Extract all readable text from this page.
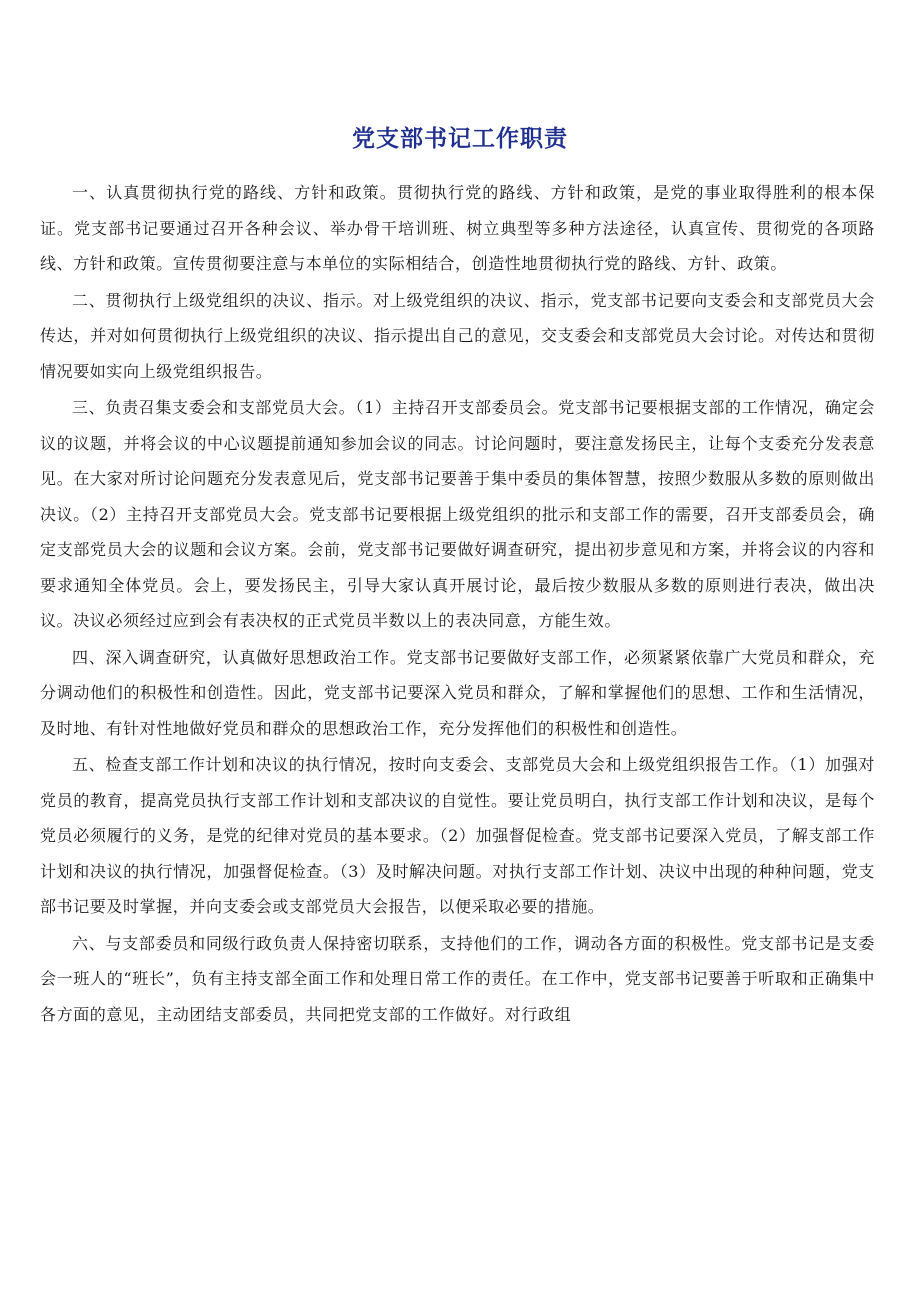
党支部书记工作职责

一、认真贯彻执行党的路线、方针和政策。贯彻执行党的路线、方针和政策，是党的事业取得胜利的根本保证。党支部书记要通过召开各种会议、举办骨干培训班、树立典型等多种方法途径，认真宣传、贯彻党的各项路线、方针和政策。宣传贯彻要注意与本单位的实际相结合，创造性地贯彻执行党的路线、方针、政策。

二、贯彻执行上级党组织的决议、指示。对上级党组织的决议、指示，党支部书记要向支委会和支部党员大会传达，并对如何贯彻执行上级党组织的决议、指示提出自己的意见，交支委会和支部党员大会讨论。对传达和贯彻情况要如实向上级党组织报告。

三、负责召集支委会和支部党员大会。（1）主持召开支部委员会。党支部书记要根据支部的工作情况，确定会议的议题，并将会议的中心议题提前通知参加会议的同志。讨论问题时，要注意发扬民主，让每个支委充分发表意见。在大家对所讨论问题充分发表意见后，党支部书记要善于集中委员的集体智慧，按照少数服从多数的原则做出决议。（2）主持召开支部党员大会。党支部书记要根据上级党组织的批示和支部工作的需要，召开支部委员会，确定支部党员大会的议题和会议方案。会前，党支部书记要做好调查研究，提出初步意见和方案，并将会议的内容和要求通知全体党员。会上，要发扬民主，引导大家认真开展讨论，最后按少数服从多数的原则进行表决，做出决议。决议必须经过应到会有表决权的正式党员半数以上的表决同意，方能生效。

四、深入调查研究，认真做好思想政治工作。党支部书记要做好支部工作，必须紧紧依靠广大党员和群众，充分调动他们的积极性和创造性。因此，党支部书记要深入党员和群众，了解和掌握他们的思想、工作和生活情况，及时地、有针对性地做好党员和群众的思想政治工作，充分发挥他们的积极性和创造性。

五、检查支部工作计划和决议的执行情况，按时向支委会、支部党员大会和上级党组织报告工作。（1）加强对党员的教育，提高党员执行支部工作计划和支部决议的自觉性。要让党员明白，执行支部工作计划和决议，是每个党员必须履行的义务，是党的纪律对党员的基本要求。（2）加强督促检查。党支部书记要深入党员，了解支部工作计划和决议的执行情况，加强督促检查。（3）及时解决问题。对执行支部工作计划、决议中出现的种种问题，党支部书记要及时掌握，并向支委会或支部党员大会报告，以便采取必要的措施。

六、与支部委员和同级行政负责人保持密切联系，支持他们的工作，调动各方面的积极性。党支部书记是支委会一班人的“班长”，负有主持支部全面工作和处理日常工作的责任。在工作中，党支部书记要善于听取和正确集中各方面的意见，主动团结支部委员，共同把党支部的工作做好。对行政组
